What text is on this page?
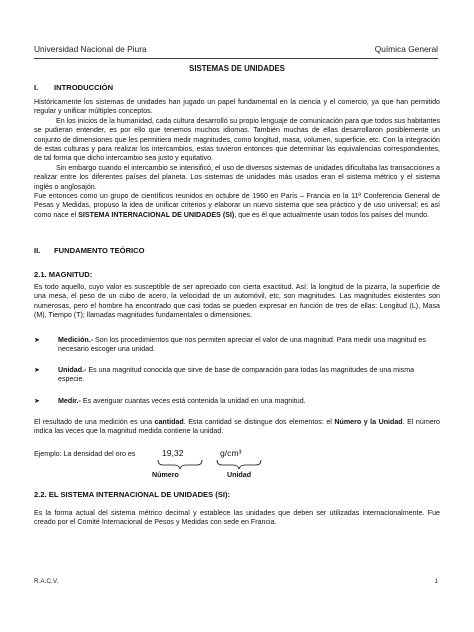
Universidad Nacional de Piura	Química General
SISTEMAS DE UNIDADES
I. INTRODUCCIÓN
Históricamente los sistemas de unidades han jugado un papel fundamental en la ciencia y el comercio, ya que han permitido regular y unificar múltiples conceptos.
En los inicios de la humanidad, cada cultura desarrolló su propio lenguaje de comunicación para que todos sus habitantes se pudieran entender, es por ello que tenemos muchos idiomas. También muchas de ellas desarrollaron posiblemente un conjunto de dimensiones que les permitiera medir magnitudes, como longitud, masa, volumen, superficie, etc. Con la integración de estas culturas y para realizar los intercambios, estas tuvieron entonces que determinar las equivalencias correspondientes, de tal forma que dicho intercambio sea justo y equitativo.
Sin embargo cuando el intercambio se intensificó, el uso de diversos sistemas de unidades dificultaba las transacciones a realizar entre los diferentes países del planeta. Los sistemas de unidades más usados eran el sistema métrico y el sistema inglés o anglosajón.
Fue entonces como un grupo de científicos reunidos en octubre de 1960 en París – Francia en la 11ª Conferencia General de Pesas y Medidas, propuso la idea de unificar criterios y elaborar un nuevo sistema que sea práctico y de uso universal; es así como nace el SISTEMA INTERNACIONAL DE UNIDADES (SI), que es él que actualmente usan todos los países del mundo.
II. FUNDAMENTO TEÓRICO
2.1. MAGNITUD:
Es todo aquello, cuyo valor es susceptible de ser apreciado con cierta exactitud. Así: la longitud de la pizarra, la superficie de una mesa, el peso de un cubo de acero, la velocidad de un automóvil, etc, son magnitudes. Las magnitudes existentes son numerosas, pero el hombre ha encontrado que casi todas se pueden expresar en función de tres de ellas: Longitud (L), Masa (M), Tiempo (T); llamadas magnitudes fundamentales o dimensiones.
➤	Medición.- Son los procedimientos que nos permiten apreciar el valor de una magnitud. Para medir una magnitud es necesario escoger una unidad.
➤	Unidad.- Es una magnitud conocida que sirve de base de comparación para todas las magnitudes de una misma especie.
➤	Medir.- Es averiguar cuantas veces está contenida la unidad en una magnitud.
El resultado de una medición es una cantidad. Esta cantidad se distingue dos elementos: el Número y la Unidad. El número indica las veces que la magnitud medida contiene la unidad.
Ejemplo: La densidad del oro es	19,32	g/cm³
Número	Unidad
2.2. EL SISTEMA INTERNACIONAL DE UNIDADES (SI):
Es la forma actual del sistema métrico decimal y establece las unidades que deben ser utilizadas internacionalmente. Fue creado por el Comité Internacional de Pesos y Medidas con sede en Francia.
R.A.C.V.	1
